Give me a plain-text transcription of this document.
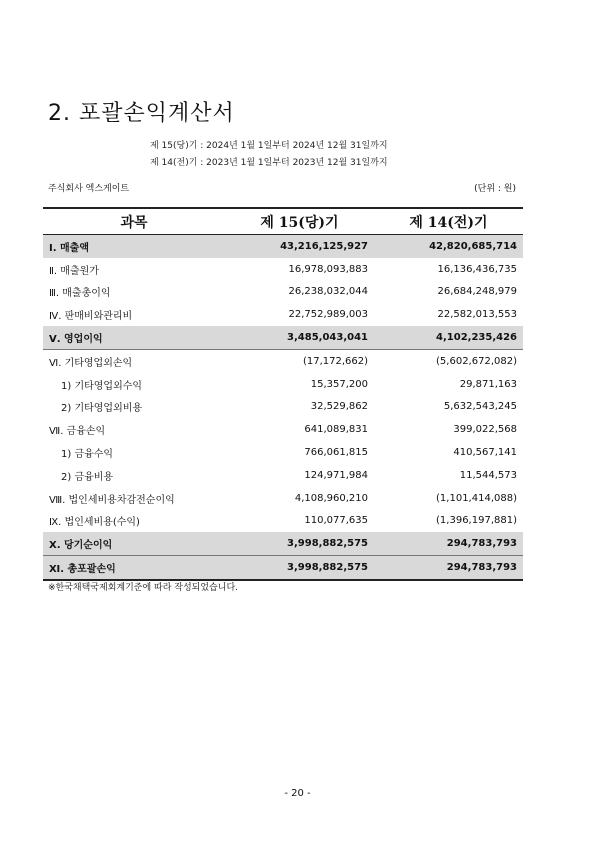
2. 포괄손익계산서
제 15(당)기 : 2024년 1월 1일부터 2024년 12월 31일까지
제 14(전)기 : 2023년 1월 1일부터 2023년 12월 31일까지
주식회사 엑스게이트	(단위 : 원)
과목	제 15(당)기	제 14(전)기
Ⅰ. 매출액	43,216,125,927	42,820,685,714
Ⅱ. 매출원가	16,978,093,883	16,136,436,735
Ⅲ. 매출총이익	26,238,032,044	26,684,248,979
Ⅳ. 판매비와관리비	22,752,989,003	22,582,013,553
Ⅴ. 영업이익	3,485,043,041	4,102,235,426
Ⅵ. 기타영업외손익	(17,172,662)	(5,602,672,082)
1) 기타영업외수익	15,357,200	29,871,163
2) 기타영업외비용	32,529,862	5,632,543,245
Ⅶ. 금융손익	641,089,831	399,022,568
1) 금융수익	766,061,815	410,567,141
2) 금융비용	124,971,984	11,544,573
Ⅷ. 법인세비용차감전순이익	4,108,960,210	(1,101,414,088)
Ⅸ. 법인세비용(수익)	110,077,635	(1,396,197,881)
Ⅹ. 당기순이익	3,998,882,575	294,783,793
Ⅺ. 총포괄손익	3,998,882,575	294,783,793
※한국채택국제회계기준에 따라 작성되었습니다.
- 20 -
